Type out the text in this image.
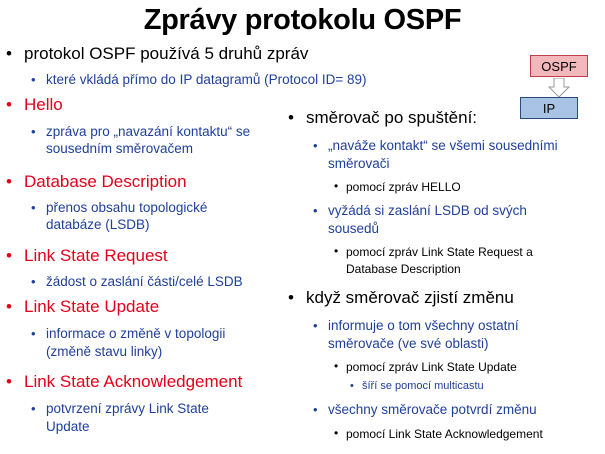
Zprávy protokolu OSPF

• protokol OSPF používá 5 druhů zpráv

• které vkládá přímo do IP datagramů (Protocol ID= 89)

• Hello

• zpráva pro „navazání kontaktu“ se

sousedním směrovačem

• Database Description

• přenos obsahu topologické

databáze (LSDB)

• Link State Request

• žádost o zaslání části/celé LSDB

• Link State Update

• informace o změně v topologii

(změně stavu linky)

• Link State Acknowledgement

• potvrzení zprávy Link State

Update

• směrovač po spuštění:

• „naváže kontakt“ se všemi sousedními

směrovači

• pomocí zpráv HELLO

• vyžádá si zaslání LSDB od svých

sousedů

• pomocí zpráv Link State Request a

Database Description

• když směrovač zjistí změnu

• informuje o tom všechny ostatní

směrovače (ve své oblasti)

• pomocí zpráv Link State Update

• šíří se pomocí multicastu

• všechny směrovače potvrdí změnu

• pomocí Link State Acknowledgement

OSPF
IP
